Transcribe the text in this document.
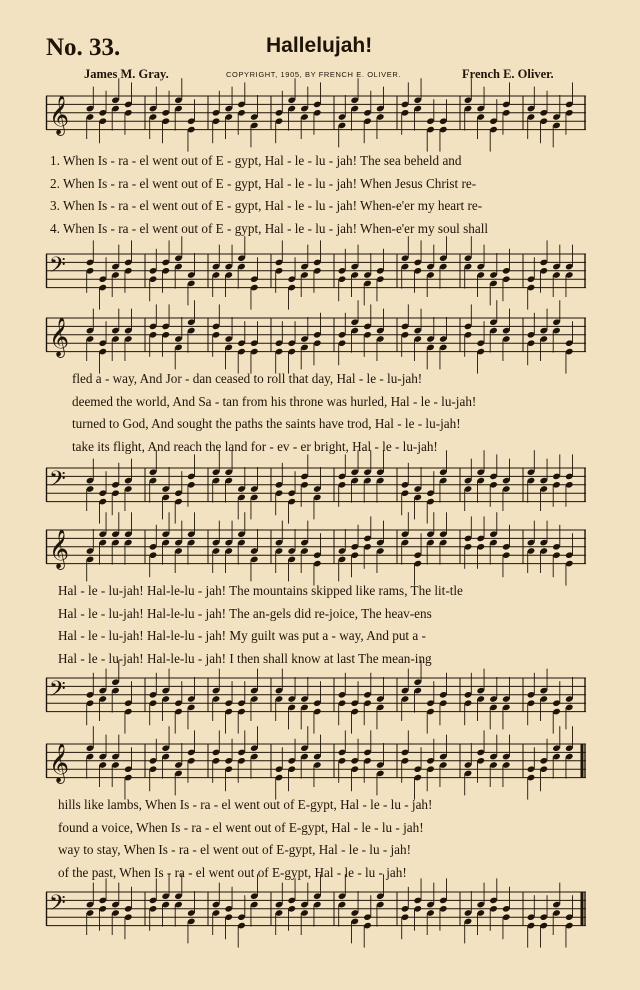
No. 33.	Hallelujah!
James M. Gray.	COPYRIGHT, 1905, BY FRENCH E. OLIVER.	French E. Oliver.
𝄞
1. When Is - ra - el went out of E - gypt, Hal - le - lu - jah! The sea beheld and
2. When Is - ra - el went out of E - gypt, Hal - le - lu - jah! When Jesus Christ re-
3. When Is - ra - el went out of E - gypt, Hal - le - lu - jah! When-e'er my heart re-
4. When Is - ra - el went out of E - gypt, Hal - le - lu - jah! When-e'er my soul shall
𝄢
𝄞
fled a - way, And Jor - dan ceased to roll that day, Hal - le - lu-jah!
deemed the world, And Sa - tan from his throne was hurled, Hal - le - lu-jah!
turned to God, And sought the paths the saints have trod, Hal - le - lu-jah!
take its flight, And reach the land for - ev - er bright, Hal - le - lu-jah!
𝄢
𝄞
Hal - le - lu-jah! Hal-le-lu - jah! The mountains skipped like rams, The lit-tle
Hal - le - lu-jah! Hal-le-lu - jah! The an-gels did re-joice, The heav-ens
Hal - le - lu-jah! Hal-le-lu - jah! My guilt was put a - way, And put a -
Hal - le - lu-jah! Hal-le-lu - jah! I then shall know at last The mean-ing
𝄢
𝄞
hills like lambs, When Is - ra - el went out of E-gypt, Hal - le - lu - jah!
found a voice, When Is - ra - el went out of E-gypt, Hal - le - lu - jah!
way to stay, When Is - ra - el went out of E-gypt, Hal - le - lu - jah!
of the past, When Is - ra - el went out of E-gypt, Hal - le - lu - jah!
𝄢
